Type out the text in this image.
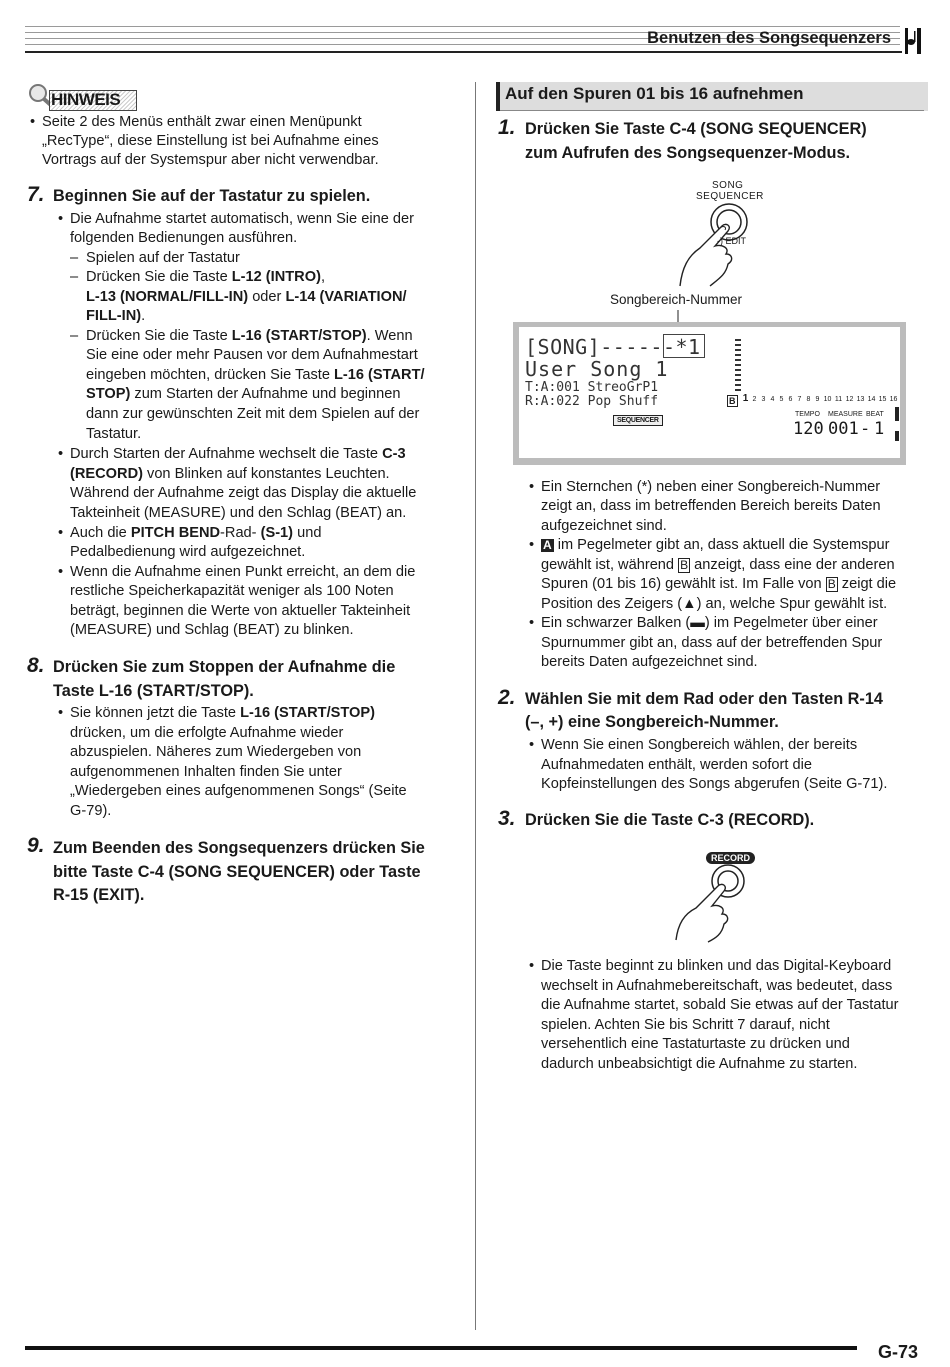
Benutzen des Songsequenzers
HINWEIS
• Seite 2 des Menüs enthält zwar einen Menüpunkt
„RecType“, diese Einstellung ist bei Aufnahme eines
Vortrags auf der Systemspur aber nicht verwendbar.
7. Beginnen Sie auf der Tastatur zu spielen.
• Die Aufnahme startet automatisch, wenn Sie eine der
folgenden Bedienungen ausführen.
– Spielen auf der Tastatur
– Drücken Sie die Taste L-12 (INTRO),
L-13 (NORMAL/FILL-IN) oder L-14 (VARIATION/
FILL-IN).
– Drücken Sie die Taste L-16 (START/STOP). Wenn
Sie eine oder mehr Pausen vor dem Aufnahmestart
eingeben möchten, drücken Sie Taste L-16 (START/
STOP) zum Starten der Aufnahme und beginnen
dann zur gewünschten Zeit mit dem Spielen auf der
Tastatur.
• Durch Starten der Aufnahme wechselt die Taste C-3
(RECORD) von Blinken auf konstantes Leuchten.
Während der Aufnahme zeigt das Display die aktuelle
Takteinheit (MEASURE) und den Schlag (BEAT) an.
• Auch die PITCH BEND-Rad- (S-1) und
Pedalbedienung wird aufgezeichnet.
• Wenn die Aufnahme einen Punkt erreicht, an dem die
restliche Speicherkapazität weniger als 100 Noten
beträgt, beginnen die Werte von aktueller Takteinheit
(MEASURE) und Schlag (BEAT) zu blinken.
8. Drücken Sie zum Stoppen der Aufnahme die
Taste L-16 (START/STOP).
• Sie können jetzt die Taste L-16 (START/STOP)
drücken, um die erfolgte Aufnahme wieder
abzuspielen. Näheres zum Wiedergeben von
aufgenommenen Inhalten finden Sie unter
„Wiedergeben eines aufgenommenen Songs“ (Seite
G-79).
9. Zum Beenden des Songsequenzers drücken Sie
bitte Taste C-4 (SONG SEQUENCER) oder Taste
R-15 (EXIT).
Auf den Spuren 01 bis 16 aufnehmen
1. Drücken Sie Taste C-4 (SONG SEQUENCER)
zum Aufrufen des Songsequenzer-Modus.
SONG
SEQUENCER
-) EDIT
Songbereich-Nummer
[SONG]------*1
User Song 1
T:A:001 StreoGrP1
R:A:022 Pop Shuff	B 1 2 3 4 5 6 7 8 9 10 11 12 13 14 15 16
SEQUENCER
TEMPO MEASURE BEAT
120 001 - 1
• Ein Sternchen (*) neben einer Songbereich-Nummer
zeigt an, dass im betreffenden Bereich bereits Daten
aufgezeichnet sind.
• A im Pegelmeter gibt an, dass aktuell die Systemspur
gewählt ist, während B anzeigt, dass eine der anderen
Spuren (01 bis 16) gewählt ist. Im Falle von B zeigt die
Position des Zeigers (▲) an, welche Spur gewählt ist.
• Ein schwarzer Balken (▬) im Pegelmeter über einer
Spurnummer gibt an, dass auf der betreffenden Spur
bereits Daten aufgezeichnet sind.
2. Wählen Sie mit dem Rad oder den Tasten R-14
(–, +) eine Songbereich-Nummer.
• Wenn Sie einen Songbereich wählen, der bereits
Aufnahmedaten enthält, werden sofort die
Kopfeinstellungen des Songs abgerufen (Seite G-71).
3. Drücken Sie die Taste C-3 (RECORD).
RECORD
• Die Taste beginnt zu blinken und das Digital-Keyboard
wechselt in Aufnahmebereitschaft, was bedeutet, dass
die Aufnahme startet, sobald Sie etwas auf der Tastatur
spielen. Achten Sie bis Schritt 7 darauf, nicht
versehentlich eine Tastaturtaste zu drücken und
dadurch unbeabsichtigt die Aufnahme zu starten.
G-73
